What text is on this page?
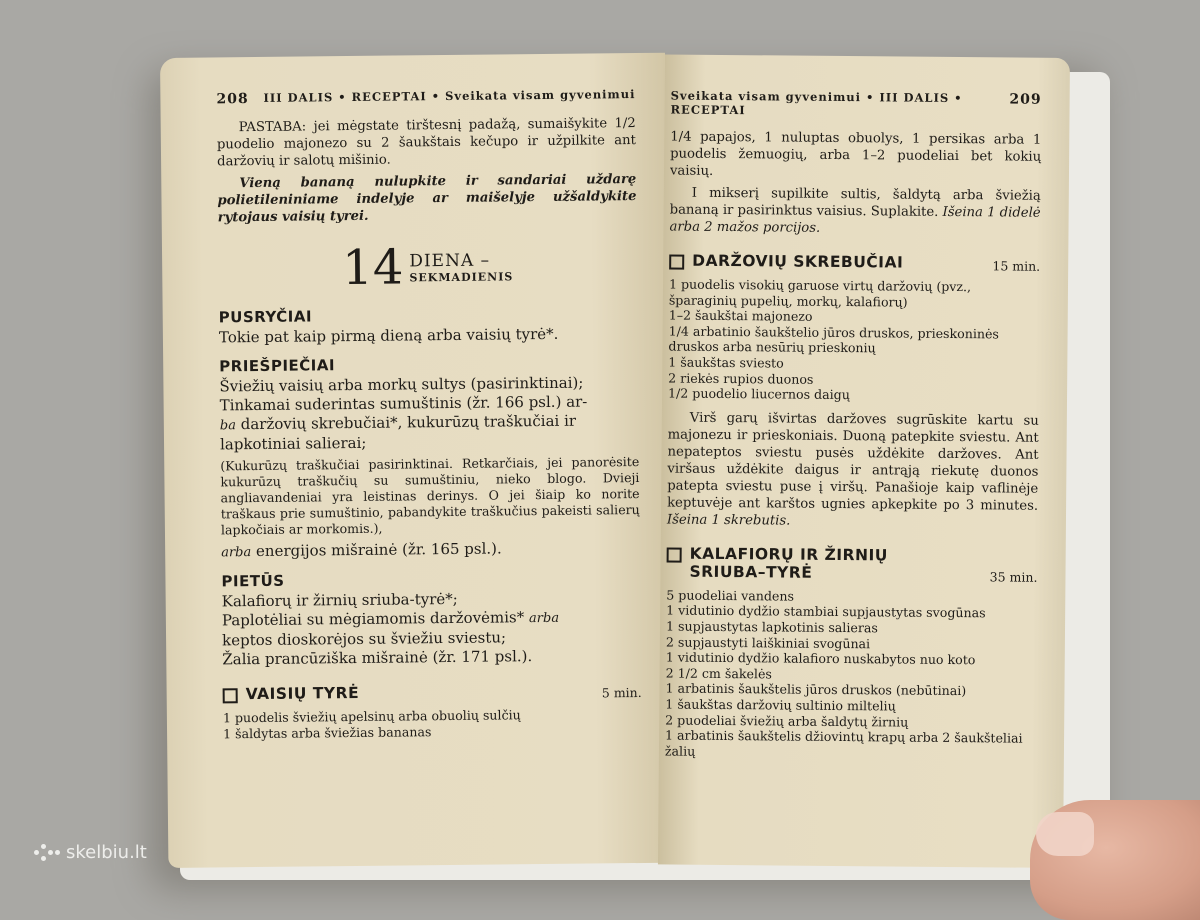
208 III DALIS • RECEPTAI • Sveikata visam gyvenimui

PASTABA: jei mėgstate tirštesnį padažą, sumaišykite 1/2 puodelio majonezo su 2 šaukštais kečupo ir užpilkite ant daržovių ir salotų mišinio.

Vieną bananą nulupkite ir sandariai uždarę polietileniniame indelyje ar maišelyje užšaldykite rytojaus vaisių tyrei.

14 DIENA –
SEKMADIENIS
PUSRYČIAI

Tokie pat kaip pirmą dieną arba vaisių tyrė*.

PRIEŠPIEČIAI

Šviežių vaisių arba morkų sultys (pasirinktinai);

Tinkamai suderintas sumuštinis (žr. 166 psl.) ar-

ba daržovių skrebučiai*, kukurūzų traškučiai ir lapkotiniai salierai;

(Kukurūzų traškučiai pasirinktinai. Retkarčiais, jei panorėsite kukurūzų traškučių su sumuštiniu, nieko blogo. Dvieji angliavandeniai yra leistinas derinys. O jei šiaip ko norite traškaus prie sumuštinio, pabandykite traškučius pakeisti salierų lapkočiais ar morkomis.),

arba energijos mišrainė (žr. 165 psl.).

PIETŪS

Kalafiorų ir žirnių sriuba-tyrė*;

Paplotėliai su mėgiamomis daržovėmis* arba

keptos dioskorėjos su šviežiu sviestu;

Žalia prancūziška mišrainė (žr. 171 psl.).

VAISIŲ TYRĖ	5 min.

1 puodelis šviežių apelsinų arba obuolių sulčių

1 šaldytas arba šviežias bananas

Sveikata visam gyvenimui • III DALIS • RECEPTAI
209

1/4 papajos, 1 nuluptas obuolys, 1 persikas arba 1 puodelis žemuogių, arba 1–2 puodeliai bet kokių vaisių.

I mikserį supilkite sultis, šaldytą arba šviežią bananą ir pasirinktus vaisius. Suplakite. Išeina 1 didelė arba 2 mažos porcijos.

DARŽOVIŲ SKREBUČIAI	15 min.

1 puodelis visokių garuose virtų daržovių (pvz., šparaginių pupelių, morkų, kalafiorų)

1–2 šaukštai majonezo

1/4 arbatinio šaukštelio jūros druskos, prieskoninės druskos arba nesūrių prieskonių

1 šaukštas sviesto

2 riekės rupios duonos

1/2 puodelio liucernos daigų

Virš garų išvirtas daržoves sugrūskite kartu su majonezu ir prieskoniais. Duoną patepkite sviestu. Ant nepateptos sviestu pusės uždėkite daržoves. Ant viršaus uždėkite daigus ir antrąją riekutę duonos patepta sviestu puse į viršų. Panašioje kaip vaflinėje keptuvėje ant karštos ugnies apkepkite po 3 minutes. Išeina 1 skrebutis.

KALAFIORŲ IR ŽIRNIŲ
SRIUBA–TYRĖ	35 min.

5 puodeliai vandens

1 vidutinio dydžio stambiai supjaustytas svogūnas

1 supjaustytas lapkotinis salieras

2 supjaustyti laiškiniai svogūnai

1 vidutinio dydžio kalafioro nuskabytos nuo koto

2 1/2 cm šakelės

1 arbatinis šaukštelis jūros druskos (nebūtinai)

1 šaukštas daržovių sultinio miltelių

2 puodeliai šviežių arba šaldytų žirnių

1 arbatinis šaukštelis džiovintų krapų arba 2 šaukšteliai žalių

skelbiu.lt
